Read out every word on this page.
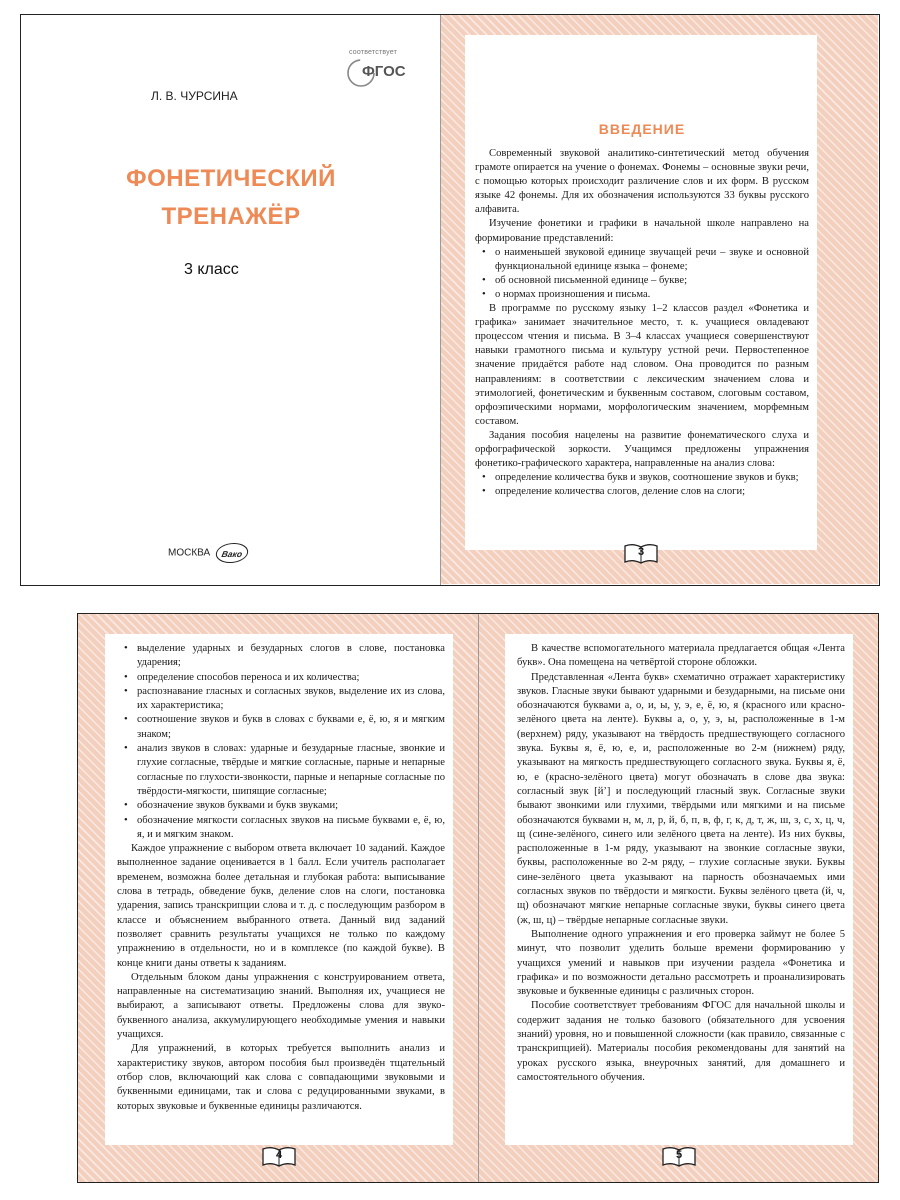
соответствует
ФГОС
Л. В. ЧУРСИНА
ФОНЕТИЧЕСКИЙ
ТРЕНАЖЁР
3 класс
МОСКВА Вако
ВВЕДЕНИЕ

Современный звуковой аналитико-синтетический метод обучения грамоте опирается на учение о фонемах. Фонемы – основные звуки речи, с помощью которых происходит различение слов и их форм. В русском языке 42 фонемы. Для их обозначения используются 33 буквы русского алфавита.

Изучение фонетики и графики в начальной школе направлено на формирование представлений:

• о наименьшей звуковой единице звучащей речи – звуке и основной функциональной единице языка – фонеме;
• об основной письменной единице – букве;
• о нормах произношения и письма.

В программе по русскому языку 1–2 классов раздел «Фонетика и графика» занимает значительное место, т. к. учащиеся овладевают процессом чтения и письма. В 3–4 классах учащиеся совершенствуют навыки грамотного письма и культуру устной речи. Первостепенное значение придаётся работе над словом. Она проводится по разным направлениям: в соответствии с лексическим значением слова и этимологией, фонетическим и буквенным составом, слоговым составом, орфоэпическими нормами, морфологическим значением, морфемным составом.

Задания пособия нацелены на развитие фонематического слуха и орфографической зоркости. Учащимся предложены упражнения фонетико-графического характера, направленные на анализ слова:

• определение количества букв и звуков, соотношение звуков и букв;
• определение количества слогов, деление слов на слоги;
3
• выделение ударных и безударных слогов в слове, постановка ударения;
• определение способов переноса и их количества;
• распознавание гласных и согласных звуков, выделение их из слова, их характеристика;
• соотношение звуков и букв в словах с буквами е, ё, ю, я и мягким знаком;
• анализ звуков в словах: ударные и безударные гласные, звонкие и глухие согласные, твёрдые и мягкие согласные, парные и непарные согласные по глухости-звонкости, парные и непарные согласные по твёрдости-мягкости, шипящие согласные;
• обозначение звуков буквами и букв звуками;
• обозначение мягкости согласных звуков на письме буквами е, ё, ю, я, и и мягким знаком.

Каждое упражнение с выбором ответа включает 10 заданий. Каждое выполненное задание оценивается в 1 балл. Если учитель располагает временем, возможна более детальная и глубокая работа: выписывание слова в тетрадь, обведение букв, деление слов на слоги, постановка ударения, запись транскрипции слова и т. д. с последующим разбором в классе и объяснением выбранного ответа. Данный вид заданий позволяет сравнить результаты учащихся не только по каждому упражнению в отдельности, но и в комплексе (по каждой букве). В конце книги даны ответы к заданиям.

Отдельным блоком даны упражнения с конструированием ответа, направленные на систематизацию знаний. Выполняя их, учащиеся не выбирают, а записывают ответы. Предложены слова для звуко-буквенного анализа, аккумулирующего необходимые умения и навыки учащихся.

Для упражнений, в которых требуется выполнить анализ и характеристику звуков, автором пособия был произведён тщательный отбор слов, включающий как слова с совпадающими звуковыми и буквенными единицами, так и слова с редуцированными звуками, в которых звуковые и буквенные единицы различаются.

4

В качестве вспомогательного материала предлагается общая «Лента букв». Она помещена на четвёртой стороне обложки.

Представленная «Лента букв» схематично отражает характеристику звуков. Гласные звуки бывают ударными и безударными, на письме они обозначаются буквами а, о, и, ы, у, э, е, ё, ю, я (красного или красно-зелёного цвета на ленте). Буквы а, о, у, э, ы, расположенные в 1-м (верхнем) ряду, указывают на твёрдость предшествующего согласного звука. Буквы я, ё, ю, е, и, расположенные во 2-м (нижнем) ряду, указывают на мягкость предшествующего согласного звука. Буквы я, ё, ю, е (красно-зелёного цвета) могут обозначать в слове два звука: согласный звук [й’] и последующий гласный звук. Согласные звуки бывают звонкими или глухими, твёрдыми или мягкими и на письме обозначаются буквами н, м, л, р, й, б, п, в, ф, г, к, д, т, ж, ш, з, с, х, ц, ч, щ (сине-зелёного, синего или зелёного цвета на ленте). Из них буквы, расположенные в 1-м ряду, указывают на звонкие согласные звуки, буквы, расположенные во 2-м ряду, – глухие согласные звуки. Буквы сине-зелёного цвета указывают на парность обозначаемых ими согласных звуков по твёрдости и мягкости. Буквы зелёного цвета (й, ч, щ) обозначают мягкие непарные согласные звуки, буквы синего цвета (ж, ш, ц) – твёрдые непарные согласные звуки.

Выполнение одного упражнения и его проверка займут не более 5 минут, что позволит уделить больше времени формированию у учащихся умений и навыков при изучении раздела «Фонетика и графика» и по возможности детально рассмотреть и проанализировать звуковые и буквенные единицы с различных сторон.

Пособие соответствует требованиям ФГОС для начальной школы и содержит задания не только базового (обязательного для усвоения знаний) уровня, но и повышенной сложности (как правило, связанные с транскрипцией). Материалы пособия рекомендованы для занятий на уроках русского языка, внеурочных занятий, для домашнего и самостоятельного обучения.

5
